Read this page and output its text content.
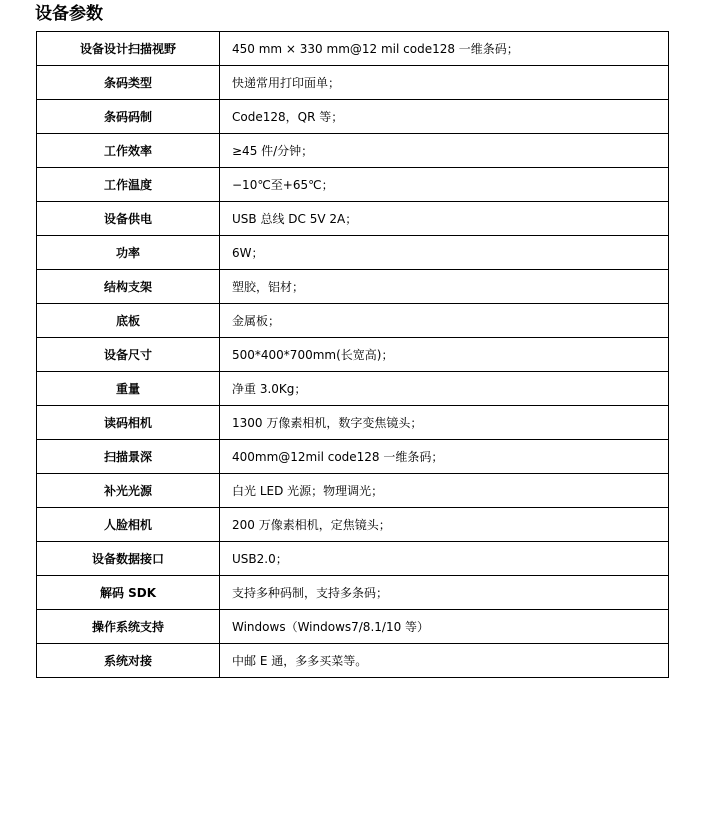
设备参数
设备设计扫描视野	450 mm × 330 mm@12 mil code128 一维条码；
条码类型	快递常用打印面单；
条码码制	Code128，QR 等；
工作效率	≥45 件/分钟；
工作温度	−10℃至+65℃；
设备供电	USB 总线 DC 5V 2A；
功率	6W；
结构支架	塑胶，铝材；
底板	金属板；
设备尺寸	500*400*700mm(长宽高)；
重量	净重 3.0Kg；
读码相机	1300 万像素相机，数字变焦镜头；
扫描景深	400mm@12mil code128 一维条码；
补光光源	白光 LED 光源；物理调光；
人脸相机	200 万像素相机，定焦镜头；
设备数据接口	USB2.0；
解码 SDK	支持多种码制，支持多条码；
操作系统支持	Windows（Windows7/8.1/10 等）
系统对接	中邮 E 通，多多买菜等。
